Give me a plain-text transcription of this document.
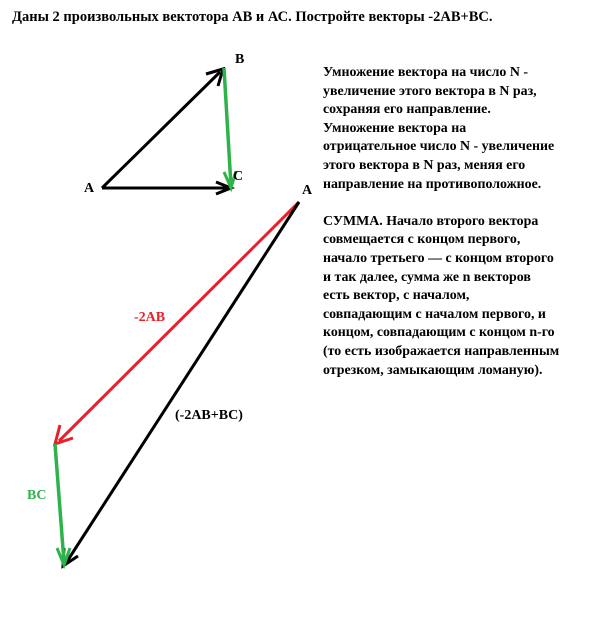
Даны 2 произвольных вектотора АВ и АС. Постройте векторы -2АВ+ВС.
A
B
C
A
-2AB
(-2AB+BC)
BC

Умножение вектора на число N -

увеличение этого вектора в N раз,

сохраняя его направление.

Умножение вектора на

отрицательное число N - увеличение

этого вектора в N раз, меняя его

направление на противоположное.

СУММА. Начало второго вектора

совмещается с концом первого,

начало третьего — с концом второго

и так далее, сумма же n векторов

есть вектор, с началом,

совпадающим с началом первого, и

концом, совпадающим с концом n-го

(то есть изображается направленным

отрезком, замыкающим ломаную).
